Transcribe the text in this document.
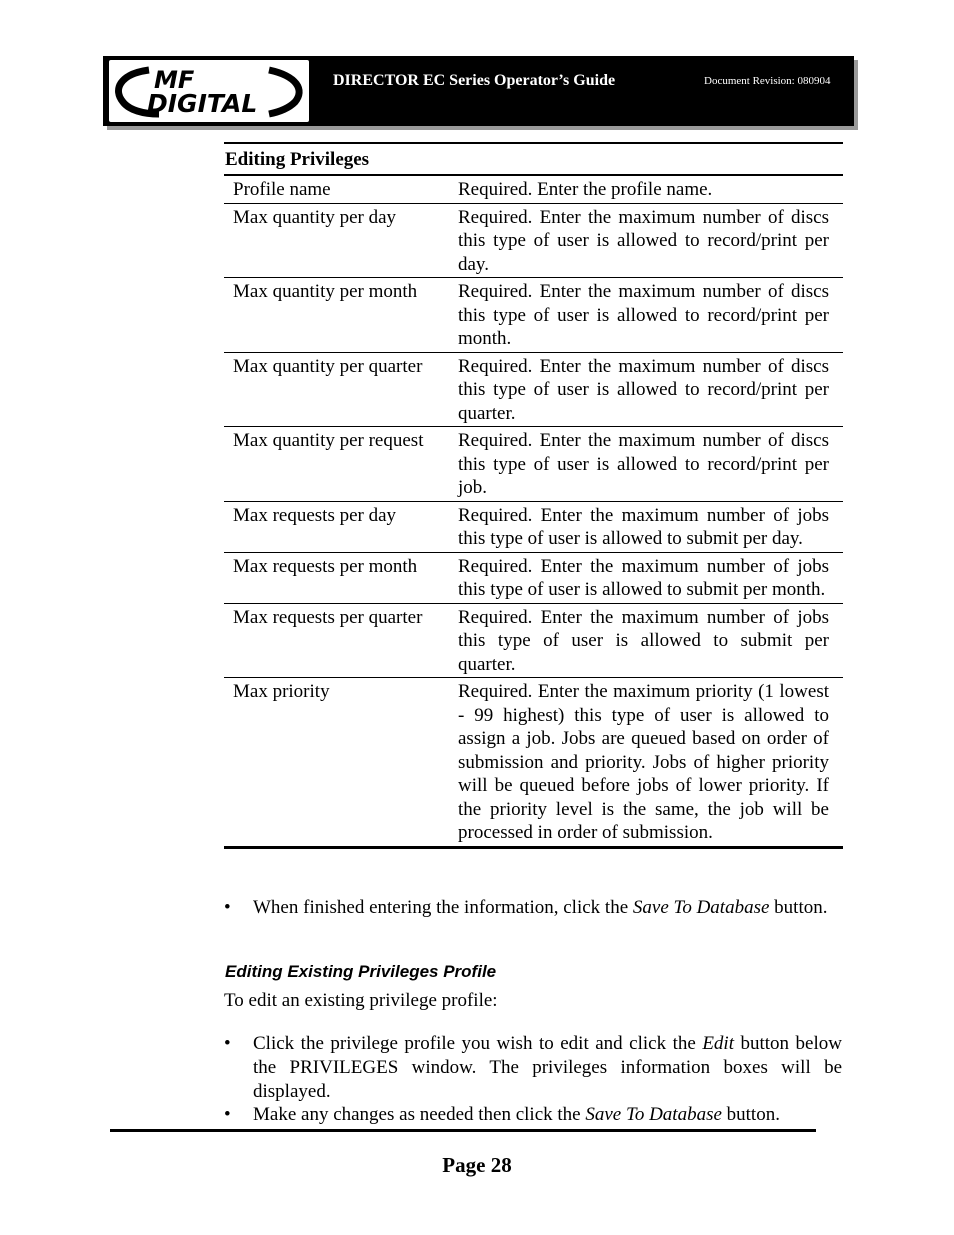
MF
DIGITAL
DIRECTOR EC Series Operator’s Guide	Document Revision: 080904
Editing Privileges
Profile name	Required. Enter the profile name.
Max quantity per day	Required. Enter the maximum number of discs this type of user is allowed to record/print per day.
Max quantity per month	Required. Enter the maximum number of discs this type of user is allowed to record/print per month.
Max quantity per quarter	Required. Enter the maximum number of discs this type of user is allowed to record/print per quarter.
Max quantity per request	Required. Enter the maximum number of discs this type of user is allowed to record/print per job.
Max requests per day	Required. Enter the maximum number of jobs this type of user is allowed to submit per day.
Max requests per month	Required. Enter the maximum number of jobs this type of user is allowed to submit per month.
Max requests per quarter	Required. Enter the maximum number of jobs this type of user is allowed to submit per quarter.
Max priority	Required. Enter the maximum priority (1 lowest - 99 highest) this type of user is allowed to assign a job. Jobs are queued based on order of submission and priority. Jobs of higher priority will be queued before jobs of lower priority. If the priority level is the same, the job will be processed in order of submission.
• When finished entering the information, click the Save To Database button.
Editing Existing Privileges Profile
To edit an existing privilege profile:
• Click the privilege profile you wish to edit and click the Edit button below the PRIVILEGES window. The privileges information boxes will be displayed.
• Make any changes as needed then click the Save To Database button.
Page 28
